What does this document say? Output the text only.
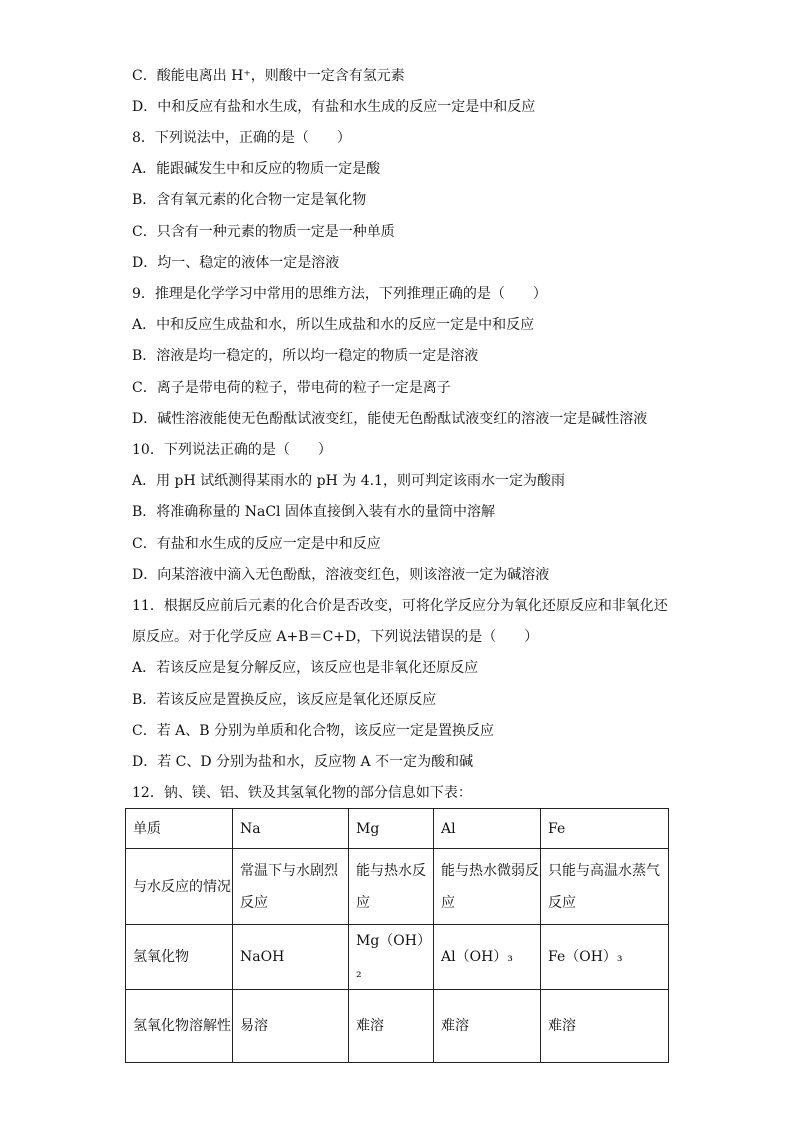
C．酸能电离出 H⁺，则酸中一定含有氢元素
D．中和反应有盐和水生成，有盐和水生成的反应一定是中和反应
8．下列说法中，正确的是（　　）
A．能跟碱发生中和反应的物质一定是酸
B．含有氧元素的化合物一定是氧化物
C．只含有一种元素的物质一定是一种单质
D．均一、稳定的液体一定是溶液
9．推理是化学学习中常用的思维方法，下列推理正确的是（　　）
A．中和反应生成盐和水，所以生成盐和水的反应一定是中和反应
B．溶液是均一稳定的，所以均一稳定的物质一定是溶液
C．离子是带电荷的粒子，带电荷的粒子一定是离子
D．碱性溶液能使无色酚酞试液变红，能使无色酚酞试液变红的溶液一定是碱性溶液
10．下列说法正确的是（　　）
A．用 pH 试纸测得某雨水的 pH 为 4.1，则可判定该雨水一定为酸雨
B．将准确称量的 NaCl 固体直接倒入装有水的量筒中溶解
C．有盐和水生成的反应一定是中和反应
D．向某溶液中滴入无色酚酞，溶液变红色，则该溶液一定为碱溶液
11．根据反应前后元素的化合价是否改变，可将化学反应分为氧化还原反应和非氧化还
原反应。对于化学反应 A+B＝C+D，下列说法错误的是（　　）
A．若该反应是复分解反应，该反应也是非氧化还原反应
B．若该反应是置换反应，该反应是氧化还原反应
C．若 A、B 分别为单质和化合物，该反应一定是置换反应
D．若 C、D 分别为盐和水，反应物 A 不一定为酸和碱
12．钠、镁、铝、铁及其氢氧化物的部分信息如下表：
单质	Na	Mg	Al	Fe
与水反应的情况	常温下与水剧烈反应	能与热水反应	能与热水微弱反应	只能与高温水蒸气反应
氢氧化物	NaOH	Mg（OH）₂	Al（OH）₃	Fe（OH）₃
氢氧化物溶解性	易溶	难溶	难溶	难溶
